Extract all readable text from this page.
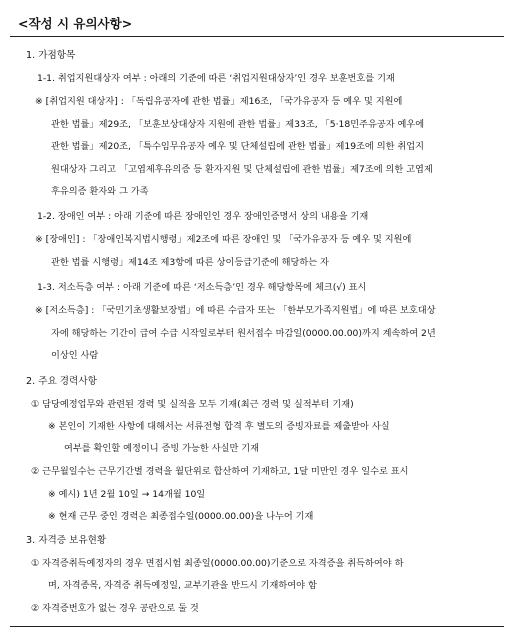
<작성 시 유의사항>
1. 가점항목
1-1. 취업지원대상자 여부 : 아래의 기준에 따른 ‘취업지원대상자’인 경우 보훈번호를 기재
※ [취업지원 대상자] : 「독립유공자에 관한 법률」제16조, 「국가유공자 등 예우 및 지원에
관한 법률」제29조, 「보훈보상대상자 지원에 관한 법률」제33조, 「5·18민주유공자 예우에
관한 법률」제20조, 「특수임무유공자 예우 및 단체설립에 관한 법률」제19조에 의한 취업지
원대상자 그리고 「고엽제후유의증 등 환자지원 및 단체설립에 관한 법률」제7조에 의한 고엽제
후유의증 환자와 그 가족
1-2. 장애인 여부 : 아래 기준에 따른 장애인인 경우 장애인증명서 상의 내용을 기재
※ [장애인] : 「장애인복지법시행령」제2조에 따른 장애인 및 「국가유공자 등 예우 및 지원에
관한 법률 시행령」제14조 제3항에 따른 상이등급기준에 해당하는 자
1-3. 저소득층 여부 : 아래 기준에 따른 ‘저소득층’인 경우 해당항목에 체크(√) 표시
※ [저소득층] : 「국민기초생활보장법」에 따른 수급자 또는 「한부모가족지원법」에 따른 보호대상
자에 해당하는 기간이 급여 수급 시작일로부터 원서접수 마감일(0000.00.00)까지 계속하여 2년
이상인 사람
2. 주요 경력사항
① 담당예정업무와 관련된 경력 및 실적을 모두 기재(최근 경력 및 실적부터 기재)
※ 본인이 기재한 사항에 대해서는 서류전형 합격 후 별도의 증빙자료를 제출받아 사실
여부를 확인할 예정이니 증빙 가능한 사실만 기재
② 근무월일수는 근무기간별 경력을 월단위로 합산하여 기재하고, 1달 미만인 경우 일수로 표시
※ 예시) 1년 2월 10일 → 14개월 10일
※ 현재 근무 중인 경력은 최종접수일(0000.00.00)을 나누어 기재
3. 자격증 보유현황
① 자격증취득예정자의 경우 면접시험 최종일(0000.00.00)기준으로 자격증을 취득하여야 하
며, 자격종목, 자격증 취득예정일, 교부기관을 반드시 기재하여야 함
② 자격증번호가 없는 경우 공란으로 둘 것
